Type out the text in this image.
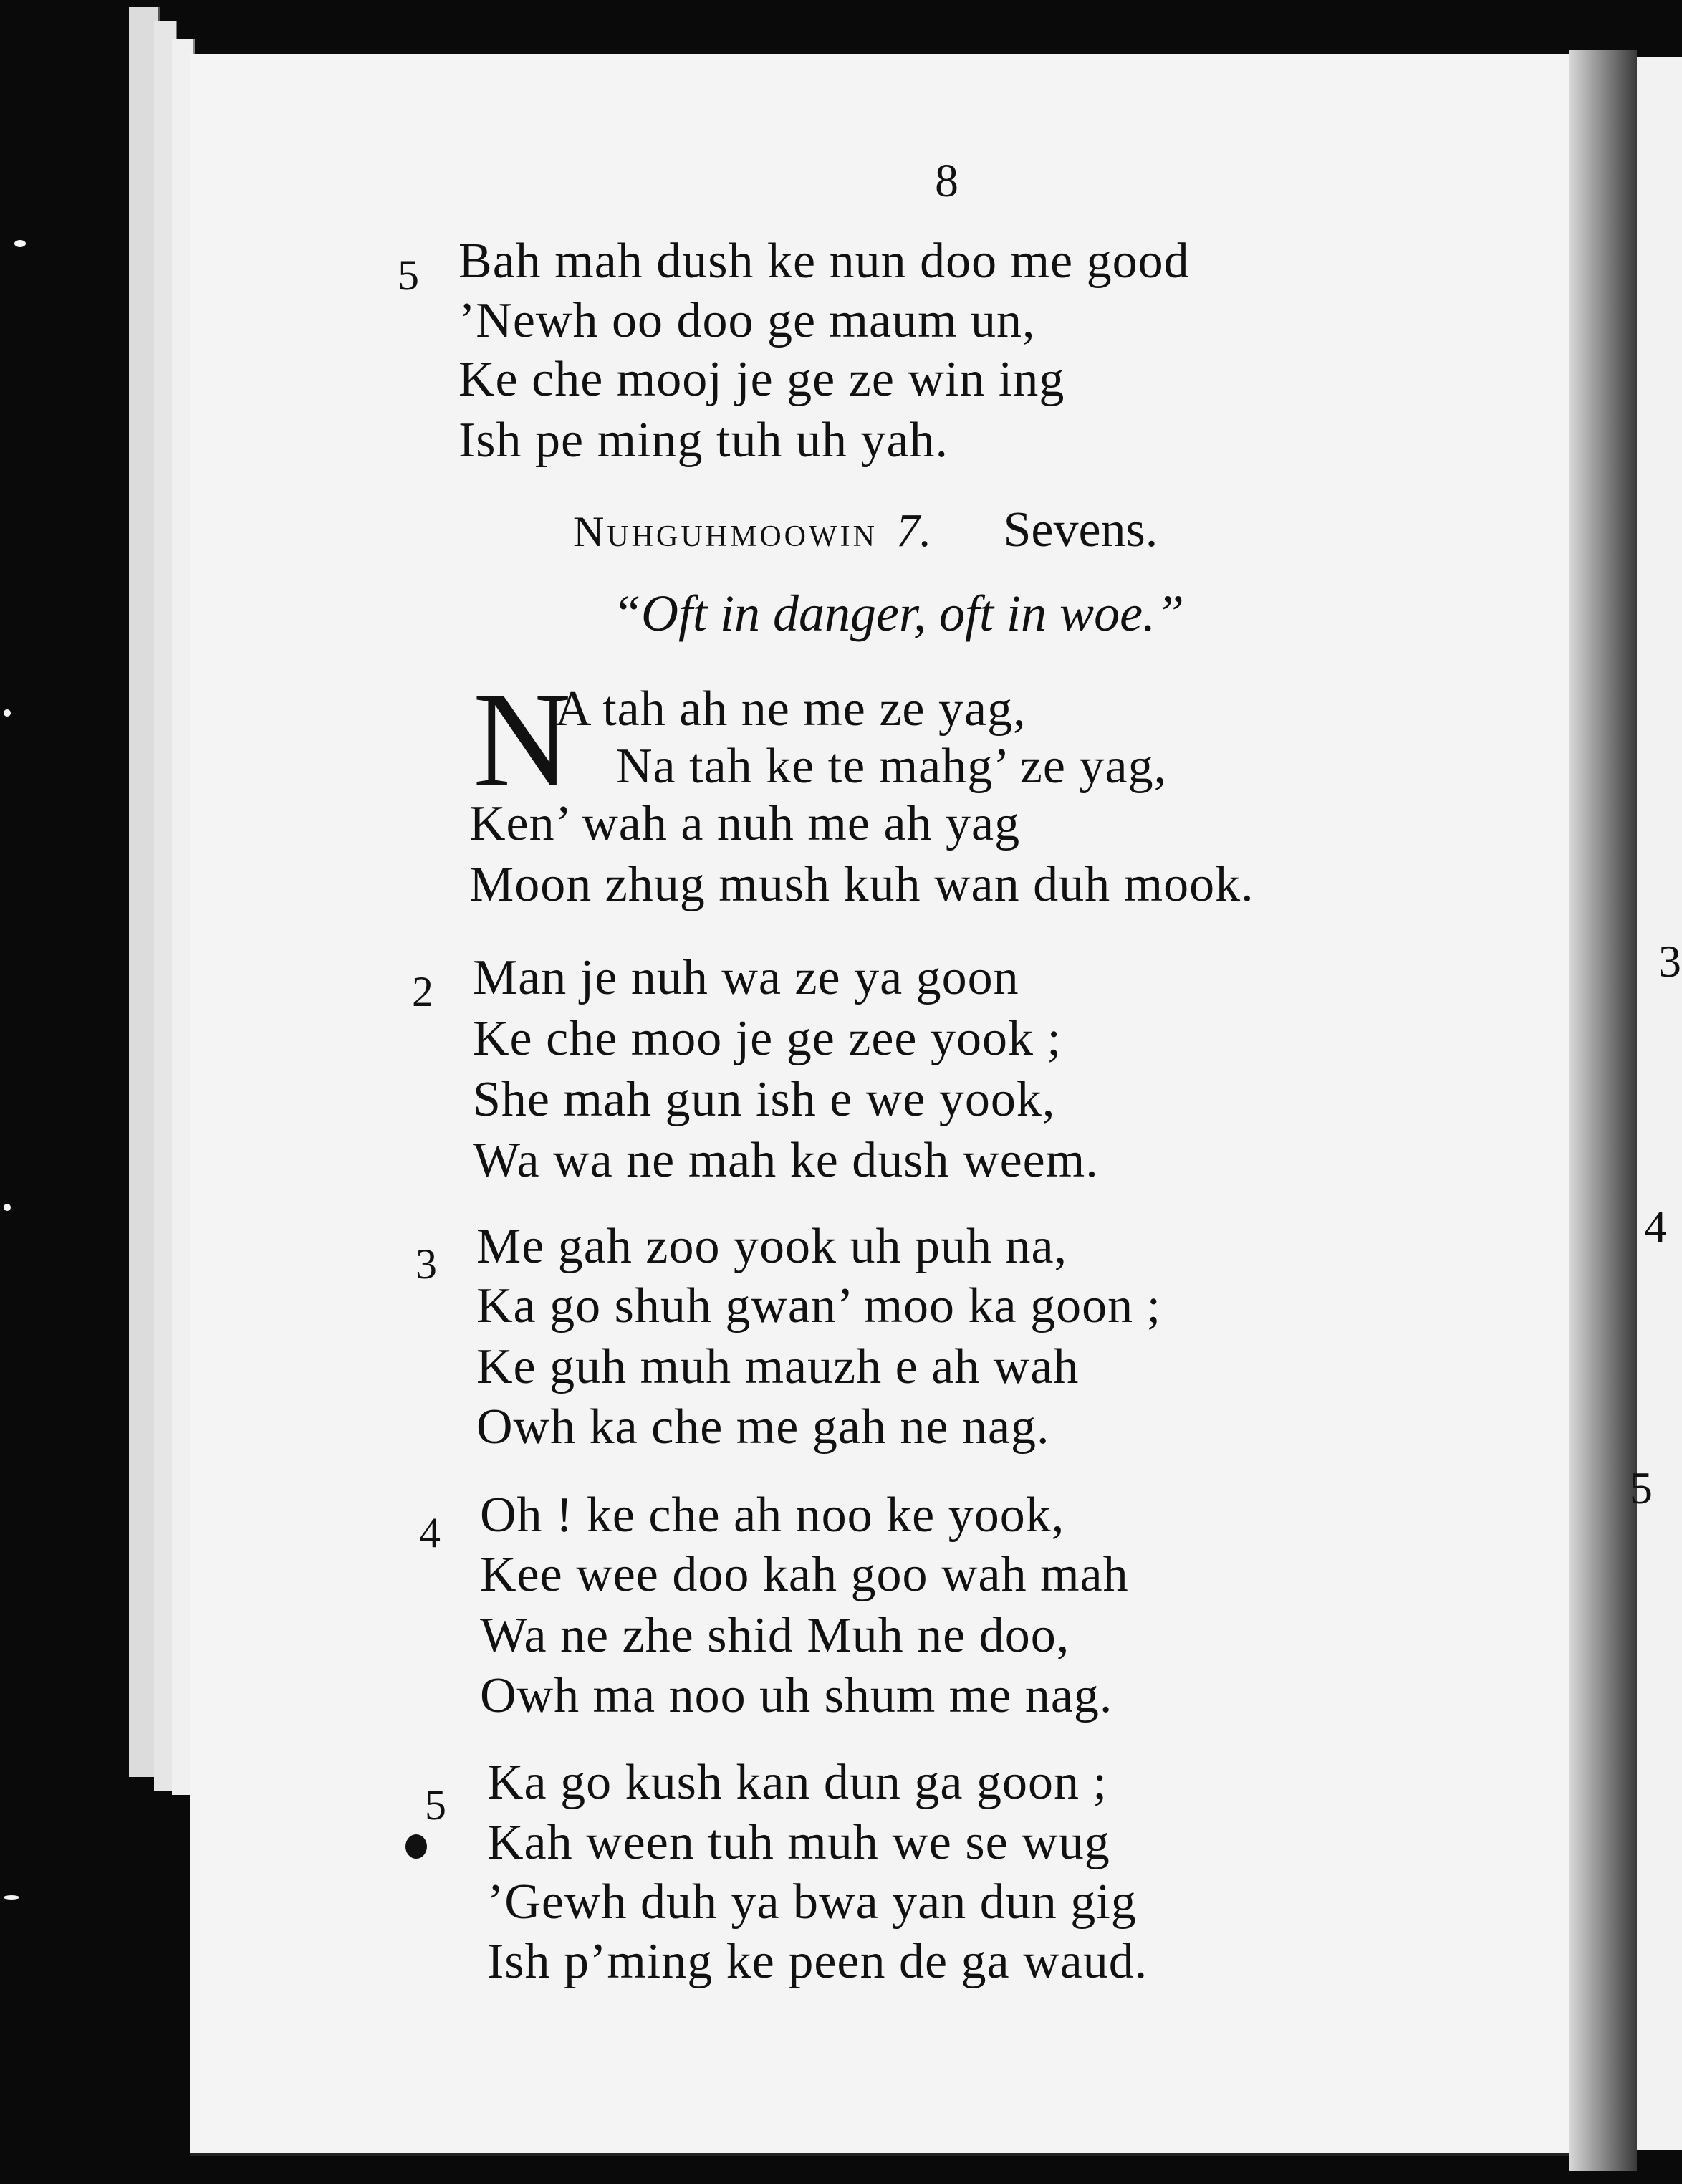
3
4
5
8
5 Bah mah dush ke nun doo me good
’Newh oo doo ge maum un,
Ke che mooj je ge ze win ing
Ish pe ming tuh uh yah.
Nuhguhmoowin 7. Sevens.
“Oft in danger, oft in woe.”
N
A tah ah ne me ze yag,
Na tah ke te mahg’ ze yag,
Ken’ wah a nuh me ah yag
Moon zhug mush kuh wan duh mook.
2 Man je nuh wa ze ya goon
Ke che moo je ge zee yook ;
She mah gun ish e we yook,
Wa wa ne mah ke dush weem.
3 Me gah zoo yook uh puh na,
Ka go shuh gwan’ moo ka goon ;
Ke guh muh mauzh e ah wah
Owh ka che me gah ne nag.
4 Oh ! ke che ah noo ke yook,
Kee wee doo kah goo wah mah
Wa ne zhe shid Muh ne doo,
Owh ma noo uh shum me nag.
5 Ka go kush kan dun ga goon ;
Kah ween tuh muh we se wug
’Gewh duh ya bwa yan dun gig
Ish p’ming ke peen de ga waud.
